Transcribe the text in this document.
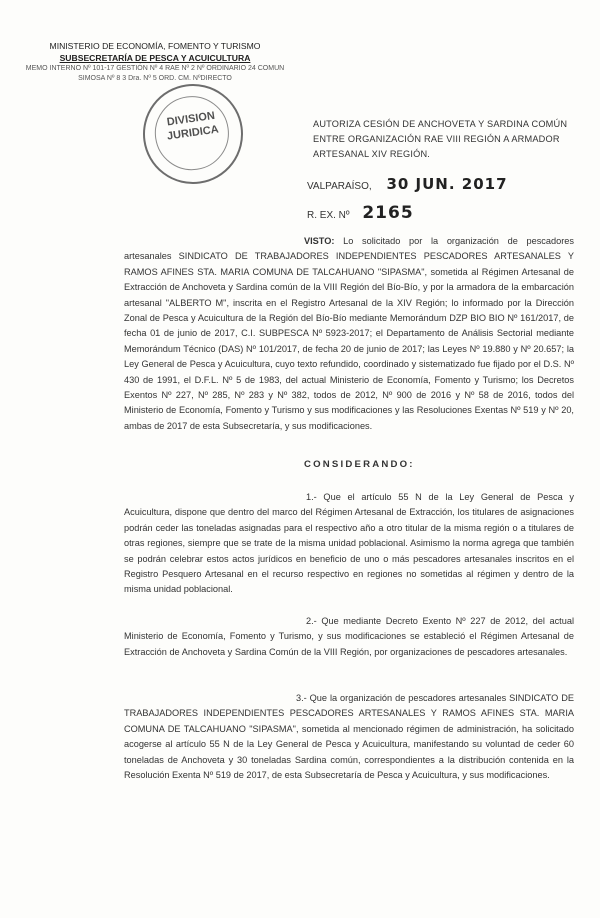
MINISTERIO DE ECONOMÍA, FOMENTO Y TURISMO
SUBSECRETARÍA DE PESCA Y ACUICULTURA
MEMO INTERNO Nº 101-17 GESTIÓN Nº 4 RAE Nº 2 Nº ORDINARIO 24 COMUN
SIMOSA Nº 8 3 Dra. Nº 5 ORD. CM. NºDIRECTO
DIVISION
JURIDICA	AUTORIZA CESIÓN DE ANCHOVETA Y SARDINA COMÚN ENTRE ORGANIZACIÓN RAE VIII REGIÓN A ARMADOR ARTESANAL XIV REGIÓN.
VALPARAÍSO, 30 JUN. 2017
R. EX. Nº 2165
VISTO: Lo solicitado por la organización de pescadores artesanales SINDICATO DE TRABAJADORES INDEPENDIENTES PESCADORES ARTESANALES Y RAMOS AFINES STA. MARIA COMUNA DE TALCAHUANO "SIPASMA", sometida al Régimen Artesanal de Extracción de Anchoveta y Sardina común de la VIII Región del Bío-Bío, y por la armadora de la embarcación artesanal "ALBERTO M", inscrita en el Registro Artesanal de la XIV Región; lo informado por la Dirección Zonal de Pesca y Acuicultura de la Región del Bío-Bío mediante Memorándum DZP BIO BIO Nº 161/2017, de fecha 01 de junio de 2017, C.I. SUBPESCA Nº 5923-2017; el Departamento de Análisis Sectorial mediante Memorándum Técnico (DAS) Nº 101/2017, de fecha 20 de junio de 2017; las Leyes Nº 19.880 y Nº 20.657; la Ley General de Pesca y Acuicultura, cuyo texto refundido, coordinado y sistematizado fue fijado por el D.S. Nº 430 de 1991, el D.F.L. Nº 5 de 1983, del actual Ministerio de Economía, Fomento y Turismo; los Decretos Exentos Nº 227, Nº 285, Nº 283 y Nº 382, todos de 2012, Nº 900 de 2016 y Nº 58 de 2016, todos del Ministerio de Economía, Fomento y Turismo y sus modificaciones y las Resoluciones Exentas Nº 519 y Nº 20, ambas de 2017 de esta Subsecretaría, y sus modificaciones.
CONSIDERANDO:
1.- Que el artículo 55 N de la Ley General de Pesca y Acuicultura, dispone que dentro del marco del Régimen Artesanal de Extracción, los titulares de asignaciones podrán ceder las toneladas asignadas para el respectivo año a otro titular de la misma región o a titulares de otras regiones, siempre que se trate de la misma unidad poblacional. Asimismo la norma agrega que también se podrán celebrar estos actos jurídicos en beneficio de uno o más pescadores artesanales inscritos en el Registro Pesquero Artesanal en el recurso respectivo en regiones no sometidas al régimen y dentro de la misma unidad poblacional.
2.- Que mediante Decreto Exento Nº 227 de 2012, del actual Ministerio de Economía, Fomento y Turismo, y sus modificaciones se estableció el Régimen Artesanal de Extracción de Anchoveta y Sardina Común de la VIII Región, por organizaciones de pescadores artesanales.
3.- Que la organización de pescadores artesanales SINDICATO DE TRABAJADORES INDEPENDIENTES PESCADORES ARTESANALES Y RAMOS AFINES STA. MARIA COMUNA DE TALCAHUANO "SIPASMA", sometida al mencionado régimen de administración, ha solicitado acogerse al artículo 55 N de la Ley General de Pesca y Acuicultura, manifestando su voluntad de ceder 60 toneladas de Anchoveta y 30 toneladas Sardina común, correspondientes a la distribución contenida en la Resolución Exenta Nº 519 de 2017, de esta Subsecretaría de Pesca y Acuicultura, y sus modificaciones.
